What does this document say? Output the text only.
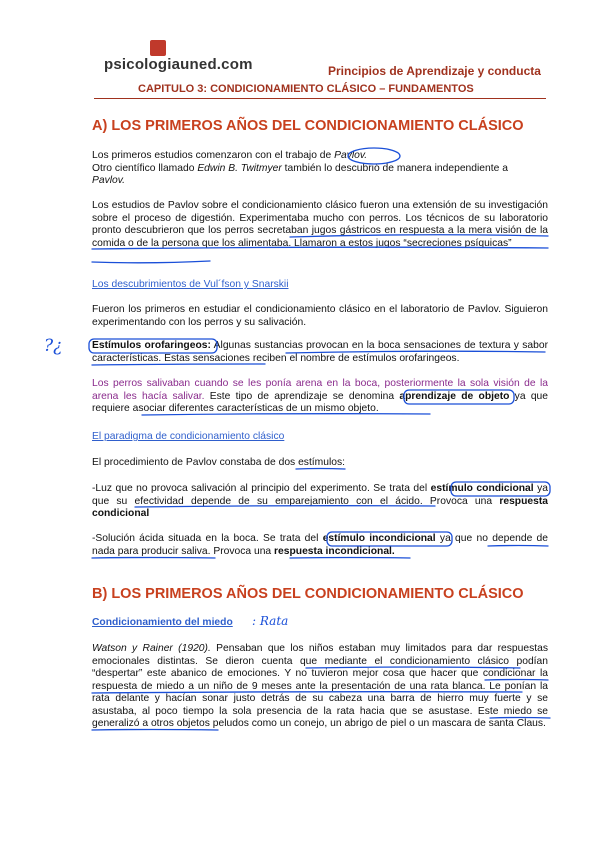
psicologiauned.com	Principios de Aprendizaje y conducta
CAPITULO 3: CONDICIONAMIENTO CLÁSICO – FUNDAMENTOS
A) LOS PRIMEROS AÑOS DEL CONDICIONAMIENTO CLÁSICO
Los primeros estudios comenzaron con el trabajo de Pavlov.
Otro científico llamado Edwin B. Twitmyer también lo descubrió de manera independiente a
Pavlov.
Los estudios de Pavlov sobre el condicionamiento clásico fueron una extensión de su investigación sobre el proceso de digestión. Experimentaba mucho con perros. Los técnicos de su laboratorio pronto descubrieron que los perros secretaban jugos gástricos en respuesta a la mera visión de la comida o de la persona que los alimentaba. Llamaron a estos jugos “secreciones psíquicas”
Los descubrimientos de Vul´fson y Snarskii
Fueron los primeros en estudiar el condicionamiento clásico en el laboratorio de Pavlov. Siguieron experimentando con los perros y su salivación.
Estímulos orofaringeos: Algunas sustancias provocan en la boca sensaciones de textura y sabor características. Estas sensaciones reciben el nombre de estímulos orofaringeos.
Los perros salivaban cuando se les ponía arena en la boca, posteriormente la sola visión de la arena les hacía salivar. Este tipo de aprendizaje se denomina aprendizaje de objeto ya que requiere asociar diferentes características de un mismo objeto.
El paradigma de condicionamiento clásico
El procedimiento de Pavlov constaba de dos estímulos:
-Luz que no provoca salivación al principio del experimento. Se trata del estímulo condicional ya que su efectividad depende de su emparejamiento con el ácido. Provoca una respuesta condicional
-Solución ácida situada en la boca. Se trata del estímulo incondicional ya que no depende de nada para producir saliva. Provoca una respuesta incondicional.
B) LOS PRIMEROS AÑOS DEL CONDICIONAMIENTO CLÁSICO
Condicionamiento del miedo
Watson y Rainer (1920). Pensaban que los niños estaban muy limitados para dar respuestas emocionales distintas. Se dieron cuenta que mediante el condicionamiento clásico podían “despertar” este abanico de emociones. Y no tuvieron mejor cosa que hacer que condicionar la respuesta de miedo a un niño de 9 meses ante la presentación de una rata blanca. Le ponían la rata delante y hacían sonar justo detrás de su cabeza una barra de hierro muy fuerte y se asustaba, al poco tiempo la sola presencia de la rata hacia que se asustase. Este miedo se generalizó a otros objetos peludos como un conejo, un abrigo de piel o un mascara de santa Claus.
?¿
: Rata
